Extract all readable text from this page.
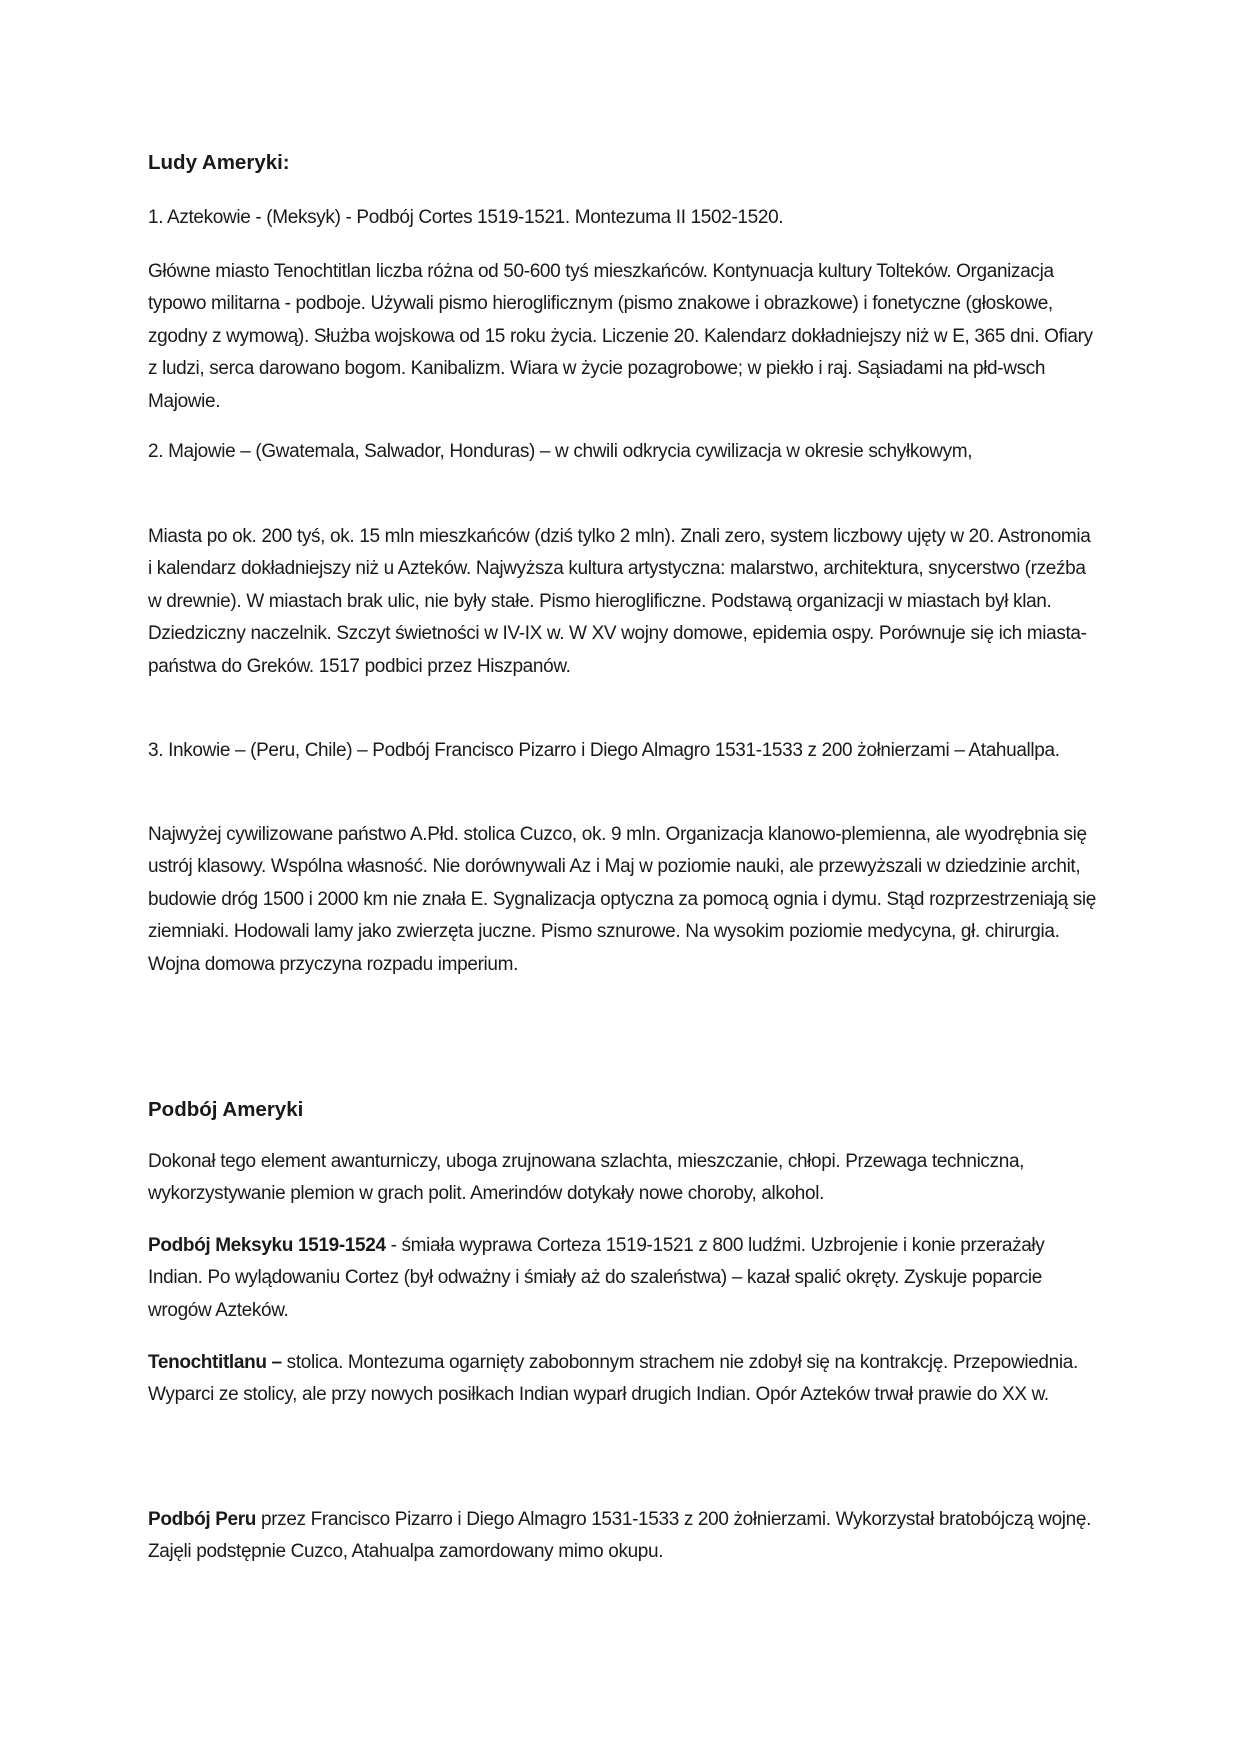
Ludy Ameryki:

1. Aztekowie - (Meksyk) - Podbój Cortes 1519-1521. Montezuma II 1502-1520.

Główne miasto Tenochtitlan liczba różna od 50-600 tyś mieszkańców. Kontynuacja kultury Tolteków. Organizacja typowo militarna - podboje. Używali pismo hieroglificznym (pismo znakowe i obrazkowe) i fonetyczne (głoskowe, zgodny z wymową). Służba wojskowa od 15 roku życia. Liczenie 20. Kalendarz dokładniejszy niż w E, 365 dni. Ofiary z ludzi, serca darowano bogom. Kanibalizm. Wiara w życie pozagrobowe; w piekło i raj. Sąsiadami na płd-wsch Majowie.

2. Majowie – (Gwatemala, Salwador, Honduras) – w chwili odkrycia cywilizacja w okresie schyłkowym,

Miasta po ok. 200 tyś, ok. 15 mln mieszkańców (dziś tylko 2 mln). Znali zero, system liczbowy ujęty w 20. Astronomia i kalendarz dokładniejszy niż u Azteków. Najwyższa kultura artystyczna: malarstwo, architektura, snycerstwo (rzeźba w drewnie). W miastach brak ulic, nie były stałe. Pismo hieroglificzne. Podstawą organizacji w miastach był klan. Dziedziczny naczelnik. Szczyt świetności w IV-IX w. W XV wojny domowe, epidemia ospy. Porównuje się ich miasta-państwa do Greków. 1517 podbici przez Hiszpanów.

3. Inkowie – (Peru, Chile) – Podbój Francisco Pizarro i Diego Almagro 1531-1533 z 200 żołnierzami – Atahuallpa.

Najwyżej cywilizowane państwo A.Płd. stolica Cuzco, ok. 9 mln. Organizacja klanowo-plemienna, ale wyodrębnia się ustrój klasowy. Wspólna własność. Nie dorównywali Az i Maj w poziomie nauki, ale przewyższali w dziedzinie archit, budowie dróg 1500 i 2000 km nie znała E. Sygnalizacja optyczna za pomocą ognia i dymu. Stąd rozprzestrzeniają się ziemniaki. Hodowali lamy jako zwierzęta juczne. Pismo sznurowe. Na wysokim poziomie medycyna, gł. chirurgia. Wojna domowa przyczyna rozpadu imperium.

Podbój Ameryki

Dokonał tego element awanturniczy, uboga zrujnowana szlachta, mieszczanie, chłopi. Przewaga techniczna, wykorzystywanie plemion w grach polit. Amerindów dotykały nowe choroby, alkohol.

Podbój Meksyku 1519-1524 - śmiała wyprawa Corteza 1519-1521 z 800 ludźmi. Uzbrojenie i konie przerażały Indian. Po wylądowaniu Cortez (był odważny i śmiały aż do szaleństwa) – kazał spalić okręty. Zyskuje poparcie wrogów Azteków.

Tenochtitlanu – stolica. Montezuma ogarnięty zabobonnym strachem nie zdobył się na kontrakcję. Przepowiednia. Wyparci ze stolicy, ale przy nowych posiłkach Indian wyparł drugich Indian. Opór Azteków trwał prawie do XX w.

Podbój Peru przez Francisco Pizarro i Diego Almagro 1531-1533 z 200 żołnierzami. Wykorzystał bratobójczą wojnę. Zajęli podstępnie Cuzco, Atahualpa zamordowany mimo okupu.
